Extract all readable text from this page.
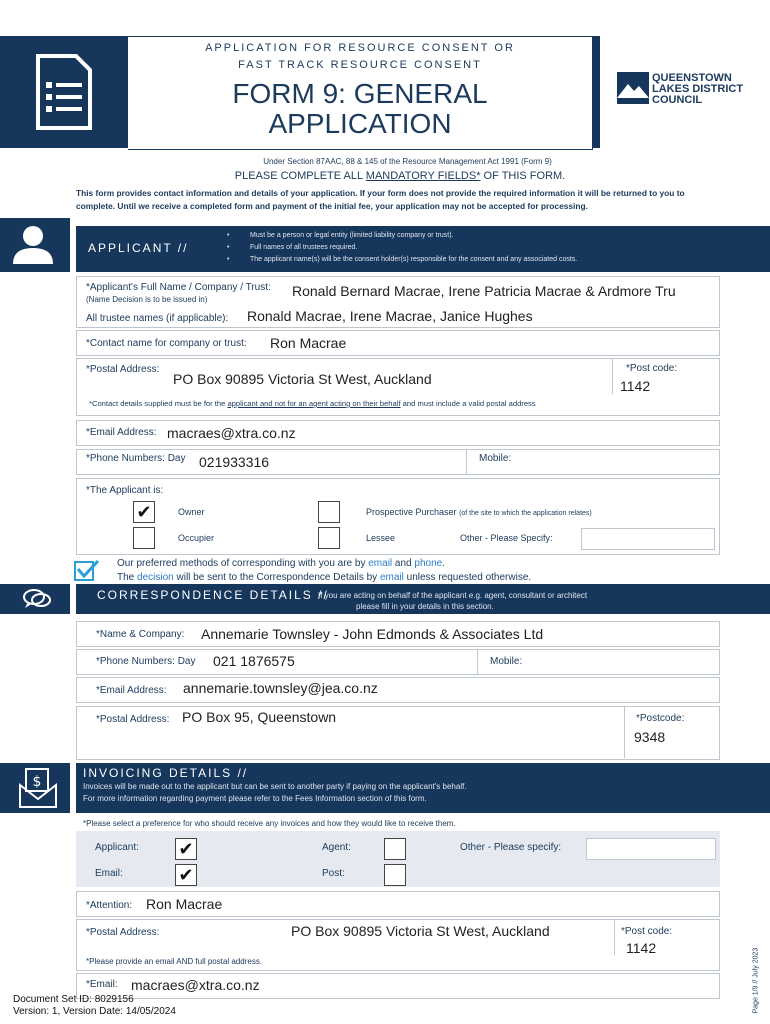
APPLICATION FOR RESOURCE CONSENT OR
FAST TRACK RESOURCE CONSENT
FORM 9: GENERAL
APPLICATION
QUEENSTOWN
LAKES DISTRICT
COUNCIL
Under Section 87AAC, 88 & 145 of the Resource Management Act 1991 (Form 9)
PLEASE COMPLETE ALL MANDATORY FIELDS* OF THIS FORM.
This form provides contact information and details of your application. If your form does not provide the required information it will be returned to you to
complete. Until we receive a completed form and payment of the initial fee, your application may not be accepted for processing.
APPLICANT //
•
•
•
Must be a person or legal entity (limited liability company or trust).
Full names of all trustees required.
The applicant name(s) will be the consent holder(s) responsible for the consent and any associated costs.
*Applicant's Full Name / Company / Trust:
(Name Decision is to be issued in)
Ronald Bernard Macrae, Irene Patricia Macrae & Ardmore Tru
All trustee names (if applicable): Ronald Macrae, Irene Macrae, Janice Hughes
*Contact name for company or trust: Ron Macrae
*Postal Address:
PO Box 90895 Victoria St West, Auckland
*Post code:
1142
*Contact details supplied must be for the applicant and not for an agent acting on their behalf and must include a valid postal address
*Email Address: macraes@xtra.co.nz
*Phone Numbers: Day 021933316	Mobile:
*The Applicant is:
✔	Owner	Prospective Purchaser (of the site to which the application relates)
Occupier	Lessee	Other - Please Specify:
Our preferred methods of corresponding with you are by email and phone.
The decision will be sent to the Correspondence Details by email unless requested otherwise.
CORRESPONDENCE DETAILS //
If you are acting on behalf of the applicant e.g. agent, consultant or architect
please fill in your details in this section.
*Name & Company: Annemarie Townsley - John Edmonds & Associates Ltd
*Phone Numbers: Day 021 1876575	Mobile:
*Email Address: annemarie.townsley@jea.co.nz
*Postal Address: PO Box 95, Queenstown	*Postcode:
9348
$
INVOICING DETAILS //
Invoices will be made out to the applicant but can be sent to another party if paying on the applicant's behalf.
For more information regarding payment please refer to the Fees Information section of this form.
*Please select a preference for who should receive any invoices and how they would like to receive them.
Applicant: ✔	Agent:	Other - Please specify:
Email:	✔	Post:
*Attention: Ron Macrae
*Postal Address:	PO Box 90895 Victoria St West, Auckland	*Post code:
1142
*Please provide an email AND full postal address.
*Email: macraes@xtra.co.nz
Document Set ID: 8029156
Version: 1, Version Date: 14/05/2024	Page 1/9 // July 2023
